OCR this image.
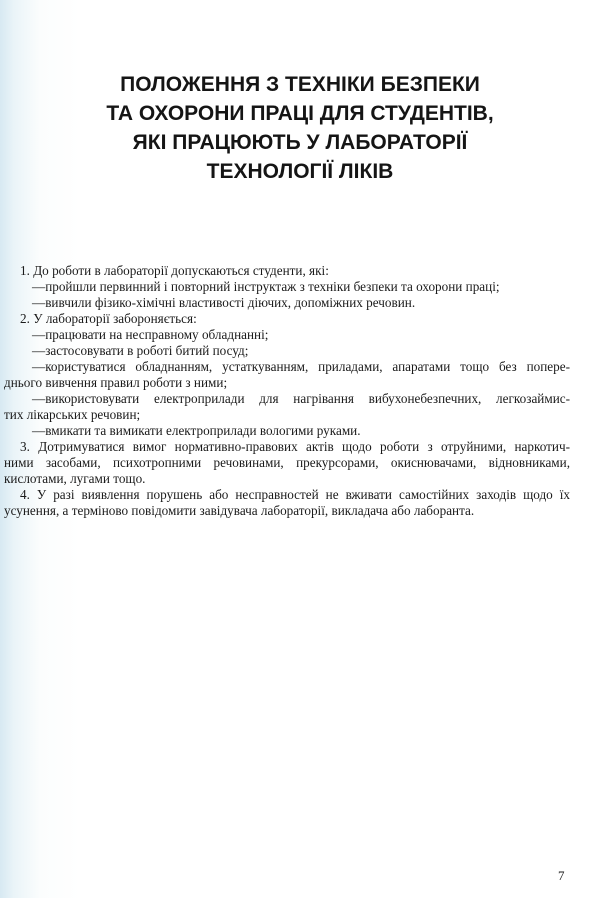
ПОЛОЖЕННЯ З ТЕХНІКИ БЕЗПЕКИ
ТА ОХОРОНИ ПРАЦІ ДЛЯ СТУДЕНТІВ,
ЯКІ ПРАЦЮЮТЬ У ЛАБОРАТОРІЇ
ТЕХНОЛОГІЇ ЛІКІВ
1. До роботи в лабораторії допускаються студенти, які:
—пройшли первинний і повторний інструктаж з техніки безпеки та охорони праці;
—вивчили фізико-хімічні властивості діючих, допоміжних речовин.
2. У лабораторії забороняється:
—працювати на несправному обладнанні;
—застосовувати в роботі битий посуд;
—користуватися обладнанням, устаткуванням, приладами, апаратами тощо без попере-
днього вивчення правил роботи з ними;
—використовувати електроприлади для нагрівання вибухонебезпечних, легкозаймис-
тих лікарських речовин;
—вмикати та вимикати електроприлади вологими руками.
3. Дотримуватися вимог нормативно-правових актів щодо роботи з отруйними, наркотич-
ними засобами, психотропними речовинами, прекурсорами, окиснювачами, відновниками,
кислотами, лугами тощо.
4. У разі виявлення порушень або несправностей не вживати самостійних заходів щодо їх
усунення, а терміново повідомити завідувача лабораторії, викладача або лаборанта.
7
